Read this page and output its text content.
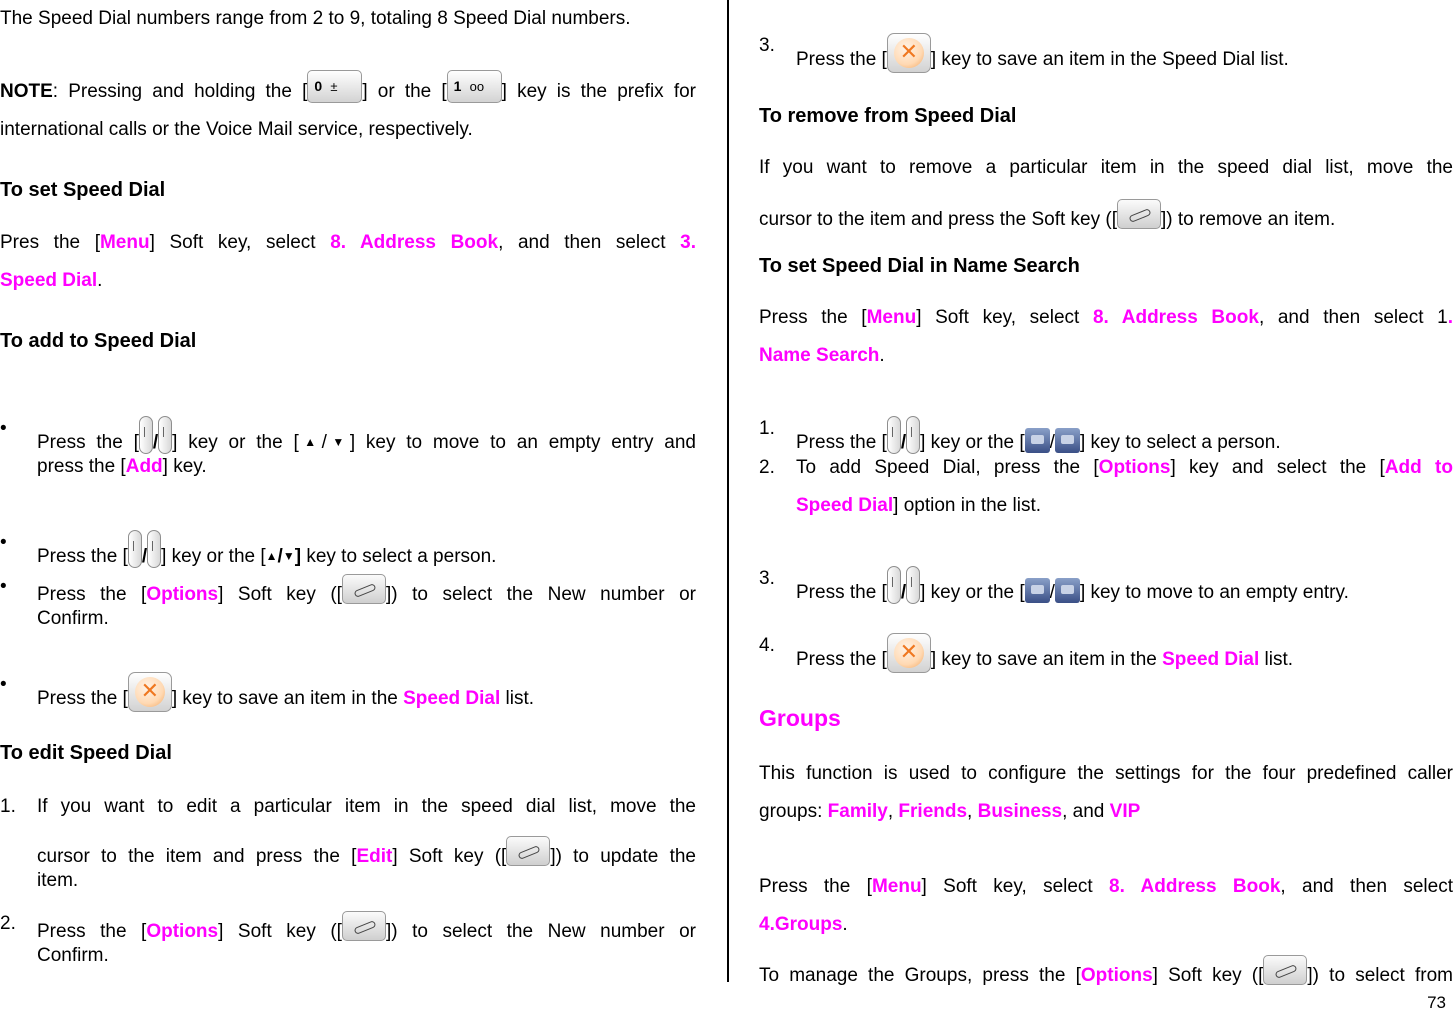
The Speed Dial numbers range from 2 to 9, totaling 8 Speed Dial numbers.
NOTE: Pressing and holding the [ 0 ± ] or the [ 1 oo ] key is the prefix for
international calls or the Voice Mail service, respectively.
To set Speed Dial
Pres the [Menu] Soft key, select 8. Address Book, and then select 3.
Speed Dial.
To add to Speed Dial
•
Press the [ / ] key or the [▲/▼] key to move to an empty entry and
press the [Add] key.
•
Press the [ / ] key or the [▲/▼] key to select a person.
• Press the [Options] Soft key ([ ]) to select the New number or
Confirm.
•
Press the [ ✕ ] key to save an item in the Speed Dial list.
To edit Speed Dial
1. If you want to edit a particular item in the speed dial list, move the
cursor to the item and press the [Edit] Soft key ([ ]) to update the
item.
2. Press the [Options] Soft key ([ ]) to select the New number or
Confirm.
3.
Press the [ ✕ ] key to save an item in the Speed Dial list.
To remove from Speed Dial
If you want to remove a particular item in the speed dial list, move the
cursor to the item and press the Soft key ([ ]) to remove an item.
To set Speed Dial in Name Search
Press the [Menu] Soft key, select 8. Address Book, and then select 1.
Name Search.
1.
Press the [ / ] key or the [ / ] key to select a person.
2. To add Speed Dial, press the [Options] key and select the [Add to
Speed Dial] option in the list.
3.
Press the [ / ] key or the [ / ] key to move to an empty entry.
4.
Press the [ ✕ ] key to save an item in the Speed Dial list.
Groups
This function is used to configure the settings for the four predefined caller
groups: Family, Friends, Business, and VIP
Press the [Menu] Soft key, select 8. Address Book, and then select
4.Groups.
To manage the Groups, press the [Options] Soft key ([ ]) to select from
73
